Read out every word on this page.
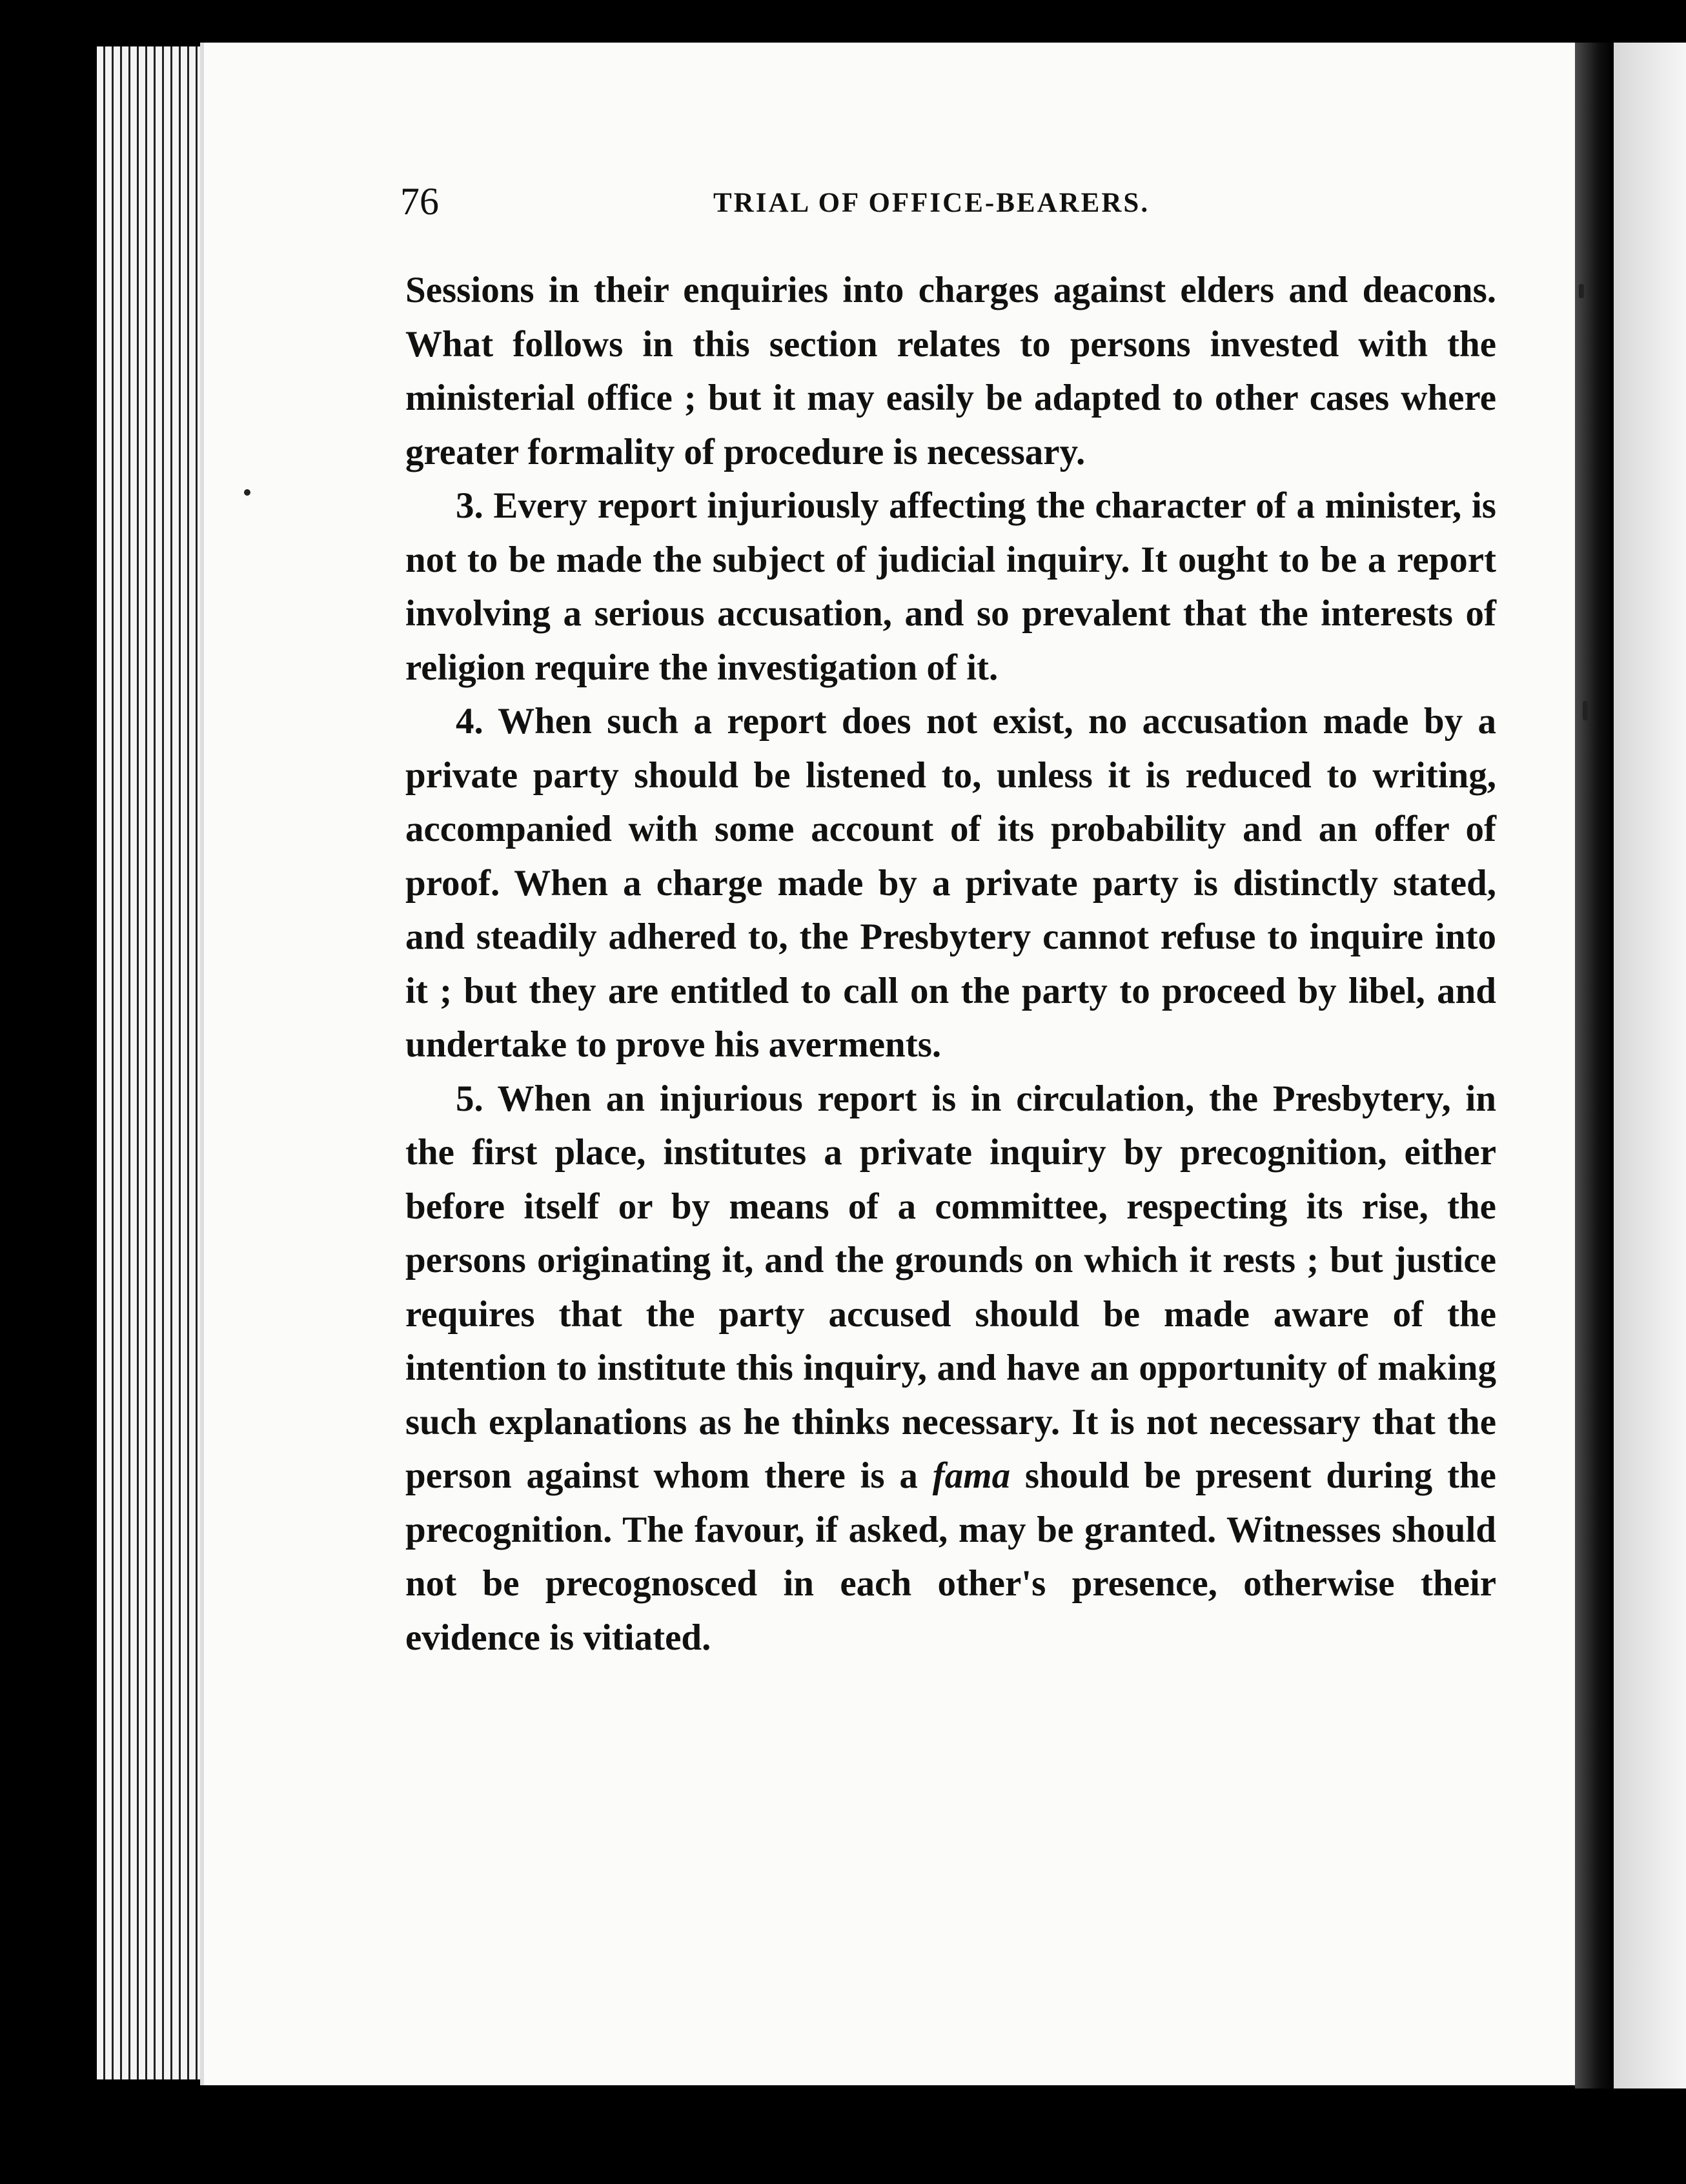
76	TRIAL OF OFFICE-BEARERS.

Sessions in their enquiries into charges against elders and deacons. What follows in this section relates to persons invested with the ministerial office ; but it may easily be adapted to other cases where greater formality of procedure is necessary.

3. Every report injuriously affecting the character of a minister, is not to be made the subject of judicial inquiry. It ought to be a report involving a serious accusation, and so prevalent that the interests of religion require the investigation of it.

4. When such a report does not exist, no accusation made by a private party should be listened to, unless it is reduced to writing, accompanied with some account of its probability and an offer of proof. When a charge made by a private party is distinctly stated, and steadily adhered to, the Presbytery cannot refuse to inquire into it ; but they are entitled to call on the party to proceed by libel, and undertake to prove his averments.

5. When an injurious report is in circulation, the Presbytery, in the first place, institutes a private inquiry by precognition, either before itself or by means of a committee, respecting its rise, the persons originating it, and the grounds on which it rests ; but justice requires that the party accused should be made aware of the intention to institute this inquiry, and have an opportunity of making such explanations as he thinks necessary. It is not necessary that the person against whom there is a fama should be present during the precognition. The favour, if asked, may be granted. Witnesses should not be precognosced in each other's presence, otherwise their evidence is vitiated.
